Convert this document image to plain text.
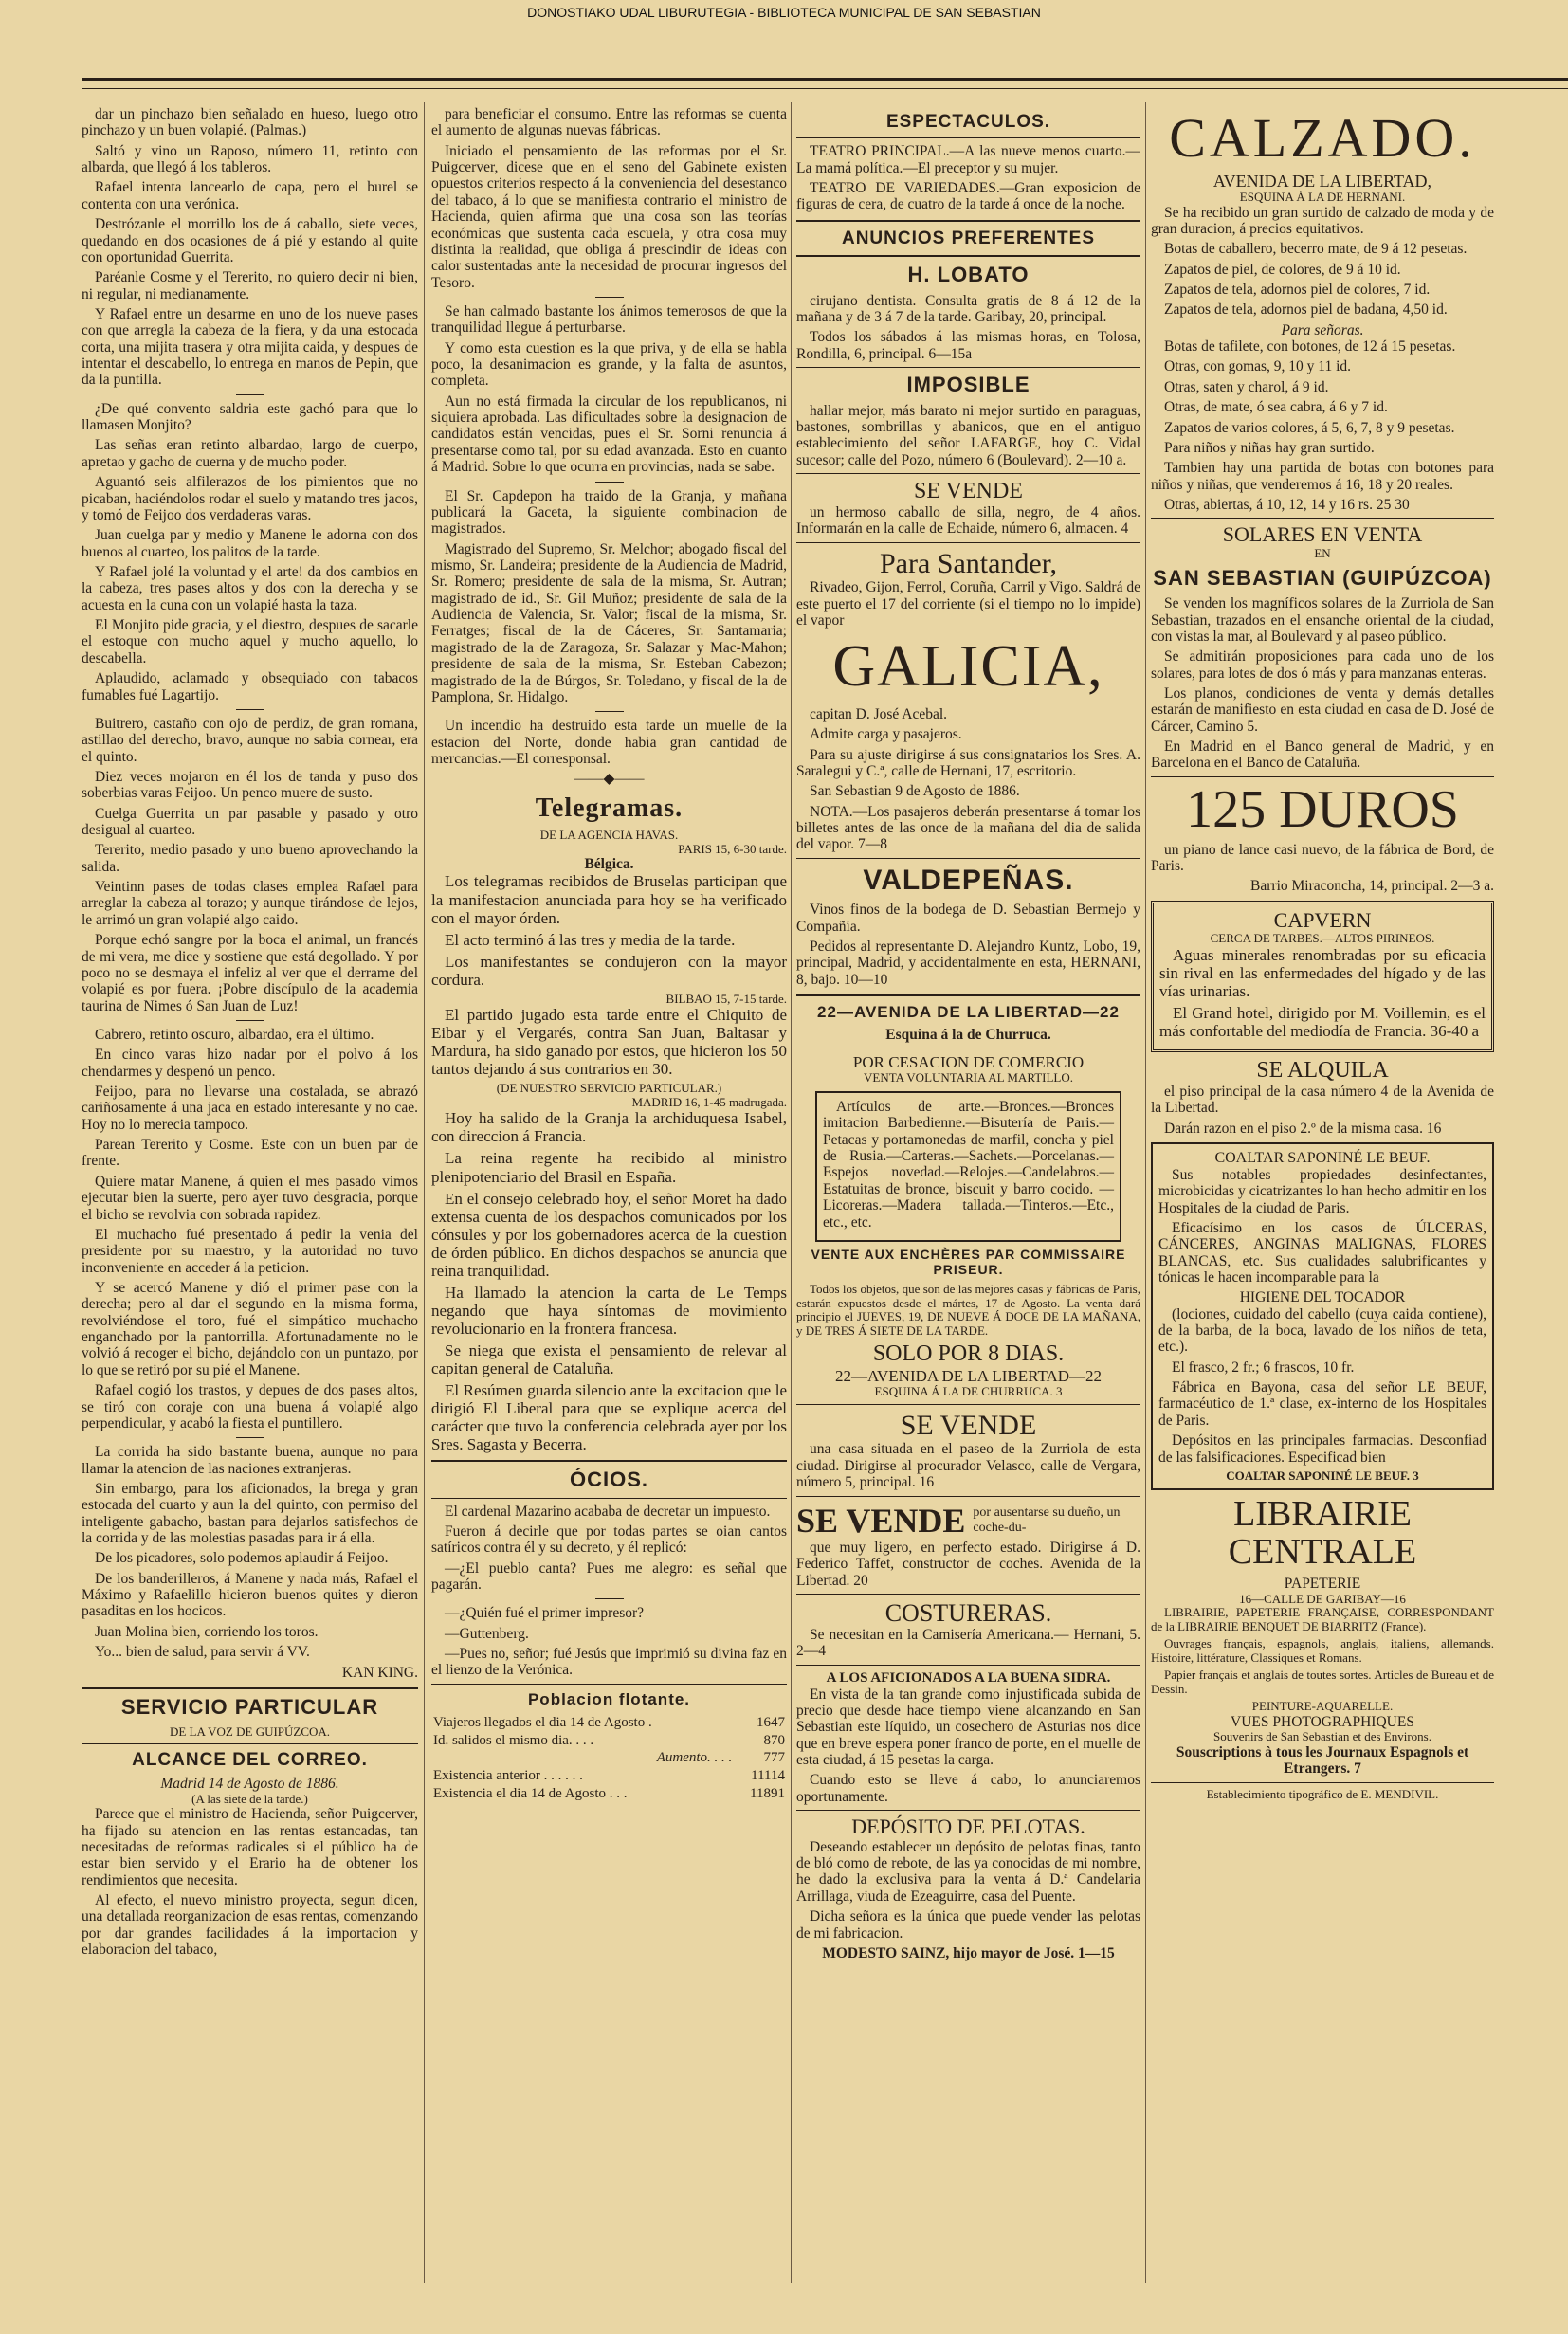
DONOSTIAKO UDAL LIBURUTEGIA - BIBLIOTECA MUNICIPAL DE SAN SEBASTIAN

dar un pinchazo bien señalado en hueso, luego otro pinchazo y un buen volapié. (Palmas.)

Saltó y vino un Raposo, número 11, retinto con albarda, que llegó á los tableros.

Rafael intenta lancearlo de capa, pero el burel se contenta con una verónica.

Destrózanle el morrillo los de á caballo, siete veces, quedando en dos ocasiones de á pié y estando al quite con oportunidad Guerrita.

Paréanle Cosme y el Tererito, no quiero decir ni bien, ni regular, ni medianamente.

Y Rafael entre un desarme en uno de los nueve pases con que arregla la cabeza de la fiera, y da una estocada corta, una mijita trasera y otra mijita caida, y despues de intentar el descabello, lo entrega en manos de Pepin, que da la puntilla.

¿De qué convento saldria este gachó para que lo llamasen Monjito?

Las señas eran retinto albardao, largo de cuerpo, apretao y gacho de cuerna y de mucho poder.

Aguantó seis alfilerazos de los pimientos que no picaban, haciéndolos rodar el suelo y matando tres jacos, y tomó de Feijoo dos verdaderas varas.

Juan cuelga par y medio y Manene le adorna con dos buenos al cuarteo, los palitos de la tarde.

Y Rafael jolé la voluntad y el arte! da dos cambios en la cabeza, tres pases altos y dos con la derecha y se acuesta en la cuna con un volapié hasta la taza.

El Monjito pide gracia, y el diestro, despues de sacarle el estoque con mucho aquel y mucho aquello, lo descabella.

Aplaudido, aclamado y obsequiado con tabacos fumables fué Lagartijo.

Buitrero, castaño con ojo de perdiz, de gran romana, astillao del derecho, bravo, aunque no sabia cornear, era el quinto.

Diez veces mojaron en él los de tanda y puso dos soberbias varas Feijoo. Un penco muere de susto.

Cuelga Guerrita un par pasable y pasado y otro desigual al cuarteo.

Tererito, medio pasado y uno bueno aprovechando la salida.

Veintinn pases de todas clases emplea Rafael para arreglar la cabeza al torazo; y aunque tirándose de lejos, le arrimó un gran volapié algo caido.

Porque echó sangre por la boca el animal, un francés de mi vera, me dice y sostiene que está degollado. Y por poco no se desmaya el infeliz al ver que el derrame del volapié es por fuera. ¡Pobre discípulo de la academia taurina de Nimes ó San Juan de Luz!

Cabrero, retinto oscuro, albardao, era el último.

En cinco varas hizo nadar por el polvo á los chendarmes y despenó un penco.

Feijoo, para no llevarse una costalada, se abrazó cariñosamente á una jaca en estado interesante y no cae. Hoy no lo merecia tampoco.

Parean Tererito y Cosme. Este con un buen par de frente.

Quiere matar Manene, á quien el mes pasado vimos ejecutar bien la suerte, pero ayer tuvo desgracia, porque el bicho se revolvia con sobrada rapidez.

El muchacho fué presentado á pedir la venia del presidente por su maestro, y la autoridad no tuvo inconveniente en acceder á la peticion.

Y se acercó Manene y dió el primer pase con la derecha; pero al dar el segundo en la misma forma, revolviéndose el toro, fué el simpático muchacho enganchado por la pantorrilla. Afortunadamente no le volvió á recoger el bicho, dejándolo con un puntazo, por lo que se retiró por su pié el Manene.

Rafael cogió los trastos, y depues de dos pases altos, se tiró con coraje con una buena á volapié algo perpendicular, y acabó la fiesta el puntillero.

La corrida ha sido bastante buena, aunque no para llamar la atencion de las naciones extranjeras.

Sin embargo, para los aficionados, la brega y gran estocada del cuarto y aun la del quinto, con permiso del inteligente gabacho, bastan para dejarlos satisfechos de la corrida y de las molestias pasadas para ir á ella.

De los picadores, solo podemos aplaudir á Feijoo.

De los banderilleros, á Manene y nada más, Rafael el Máximo y Rafaelillo hicieron buenos quites y dieron pasaditas en los hocicos.

Juan Molina bien, corriendo los toros.

Yo... bien de salud, para servir á VV.

KAN KING.

SERVICIO PARTICULAR
DE LA VOZ DE GUIPÚZCOA.
ALCANCE DEL CORREO.
Madrid 14 de Agosto de 1886.
(A las siete de la tarde.)

Parece que el ministro de Hacienda, señor Puigcerver, ha fijado su atencion en las rentas estancadas, tan necesitadas de reformas radicales si el público ha de estar bien servido y el Erario ha de obtener los rendimientos que necesita.

Al efecto, el nuevo ministro proyecta, segun dicen, una detallada reorganizacion de esas rentas, comenzando por dar grandes facilidades á la importacion y elaboracion del tabaco,

para beneficiar el consumo. Entre las reformas se cuenta el aumento de algunas nuevas fábricas.

Iniciado el pensamiento de las reformas por el Sr. Puigcerver, dicese que en el seno del Gabinete existen opuestos criterios respecto á la conveniencia del desestanco del tabaco, á lo que se manifiesta contrario el ministro de Hacienda, quien afirma que una cosa son las teorías económicas que sustenta cada escuela, y otra cosa muy distinta la realidad, que obliga á prescindir de ideas con calor sustentadas ante la necesidad de procurar ingresos del Tesoro.

Se han calmado bastante los ánimos temerosos de que la tranquilidad llegue á perturbarse.

Y como esta cuestion es la que priva, y de ella se habla poco, la desanimacion es grande, y la falta de asuntos, completa.

Aun no está firmada la circular de los republicanos, ni siquiera aprobada. Las dificultades sobre la designacion de candidatos están vencidas, pues el Sr. Sorni renuncia á presentarse como tal, por su edad avanzada. Esto en cuanto á Madrid. Sobre lo que ocurra en provincias, nada se sabe.

El Sr. Capdepon ha traido de la Granja, y mañana publicará la Gaceta, la siguiente combinacion de magistrados.

Magistrado del Supremo, Sr. Melchor; abogado fiscal del mismo, Sr. Landeira; presidente de la Audiencia de Madrid, Sr. Romero; presidente de sala de la misma, Sr. Autran; magistrado de id., Sr. Gil Muñoz; presidente de sala de la Audiencia de Valencia, Sr. Valor; fiscal de la misma, Sr. Ferratges; fiscal de la de Cáceres, Sr. Santamaria; magistrado de la de Zaragoza, Sr. Salazar y Mac-Mahon; presidente de sala de la misma, Sr. Esteban Cabezon; magistrado de la de Búrgos, Sr. Toledano, y fiscal de la de Pamplona, Sr. Hidalgo.

Un incendio ha destruido esta tarde un muelle de la estacion del Norte, donde habia gran cantidad de mercancias.—El corresponsal.

——◆——
Telegramas.
DE LA AGENCIA HAVAS.
PARIS 15, 6-30 tarde.
Bélgica.

Los telegramas recibidos de Bruselas participan que la manifestacion anunciada para hoy se ha verificado con el mayor órden.

El acto terminó á las tres y media de la tarde.

Los manifestantes se condujeron con la mayor cordura.

BILBAO 15, 7-15 tarde.

El partido jugado esta tarde entre el Chiquito de Eibar y el Vergarés, contra San Juan, Baltasar y Mardura, ha sido ganado por estos, que hicieron los 50 tantos dejando á sus contrarios en 30.

(DE NUESTRO SERVICIO PARTICULAR.)
MADRID 16, 1-45 madrugada.

Hoy ha salido de la Granja la archiduquesa Isabel, con direccion á Francia.

La reina regente ha recibido al ministro plenipotenciario del Brasil en España.

En el consejo celebrado hoy, el señor Moret ha dado extensa cuenta de los despachos comunicados por los cónsules y por los gobernadores acerca de la cuestion de órden público. En dichos despachos se anuncia que reina tranquilidad.

Ha llamado la atencion la carta de Le Temps negando que haya síntomas de movimiento revolucionario en la frontera francesa.

Se niega que exista el pensamiento de relevar al capitan general de Cataluña.

El Resúmen guarda silencio ante la excitacion que le dirigió El Liberal para que se explique acerca del carácter que tuvo la conferencia celebrada ayer por los Sres. Sagasta y Becerra.

ÓCIOS.

El cardenal Mazarino acababa de decretar un impuesto.

Fueron á decirle que por todas partes se oian cantos satíricos contra él y su decreto, y él replicó:

—¿El pueblo canta? Pues me alegro: es señal que pagarán.

—¿Quién fué el primer impresor?

—Guttenberg.

—Pues no, señor; fué Jesús que imprimió su divina faz en el lienzo de la Verónica.

Poblacion flotante.
Viajeros llegados el dia 14 de Agosto .	1647
Id. salidos el mismo dia. . . .	870
Aumento. . . .	777
Existencia anterior . . . . . .	11114
Existencia el dia 14 de Agosto . . .	11891
ESPECTACULOS.

TEATRO PRINCIPAL.—A las nueve menos cuarto.—La mamá política.—El preceptor y su mujer.

TEATRO DE VARIEDADES.—Gran exposicion de figuras de cera, de cuatro de la tarde á once de la noche.

ANUNCIOS PREFERENTES
H. LOBATO

cirujano dentista. Consulta gratis de 8 á 12 de la mañana y de 3 á 7 de la tarde. Garibay, 20, principal.

Todos los sábados á las mismas horas, en Tolosa, Rondilla, 6, principal. 6—15a

IMPOSIBLE

hallar mejor, más barato ni mejor surtido en paraguas, bastones, sombrillas y abanicos, que en el antiguo establecimiento del señor LAFARGE, hoy C. Vidal sucesor; calle del Pozo, número 6 (Boulevard). 2—10 a.

SE VENDE

un hermoso caballo de silla, negro, de 4 años. Informarán en la calle de Echaide, número 6, almacen. 4

Para Santander,

Rivadeo, Gijon, Ferrol, Coruña, Carril y Vigo. Saldrá de este puerto el 17 del corriente (si el tiempo no lo impide) el vapor

GALICIA,

capitan D. José Acebal.

Admite carga y pasajeros.

Para su ajuste dirigirse á sus consignatarios los Sres. A. Saralegui y C.ª, calle de Hernani, 17, escritorio.

San Sebastian 9 de Agosto de 1886.

NOTA.—Los pasajeros deberán presentarse á tomar los billetes antes de las once de la mañana del dia de salida del vapor. 7—8

VALDEPEÑAS.

Vinos finos de la bodega de D. Sebastian Bermejo y Compañía.

Pedidos al representante D. Alejandro Kuntz, Lobo, 19, principal, Madrid, y accidentalmente en esta, HERNANI, 8, bajo. 10—10

22—AVENIDA DE LA LIBERTAD—22
Esquina á la de Churruca.
POR CESACION DE COMERCIO
VENTA VOLUNTARIA AL MARTILLO.

Artículos de arte.—Bronces.—Bronces imitacion Barbedienne.—Bisutería de Paris.—Petacas y portamonedas de marfil, concha y piel de Rusia.—Carteras.—Sachets.—Porcelanas.— Espejos novedad.—Relojes.—Candelabros.—Estatuitas de bronce, biscuit y barro cocido. — Licoreras.—Madera tallada.—Tinteros.—Etc., etc., etc.

VENTE AUX ENCHÈRES PAR COMMISSAIRE PRISEUR.

Todos los objetos, que son de las mejores casas y fábricas de Paris, estarán expuestos desde el mártes, 17 de Agosto. La venta dará principio el JUEVES, 19, DE NUEVE Á DOCE DE LA MAÑANA, y DE TRES Á SIETE DE LA TARDE.

SOLO POR 8 DIAS.
22—AVENIDA DE LA LIBERTAD—22
ESQUINA Á LA DE CHURRUCA. 3
SE VENDE

una casa situada en el paseo de la Zurriola de esta ciudad. Dirigirse al procurador Velasco, calle de Vergara, número 5, principal. 16

SE VENDE por ausentarse su dueño, un coche-du-

que muy ligero, en perfecto estado. Dirigirse á D. Federico Taffet, constructor de coches. Avenida de la Libertad. 20

COSTURERAS.

Se necesitan en la Camisería Americana.— Hernani, 5. 2—4

A LOS AFICIONADOS A LA BUENA SIDRA.

En vista de la tan grande como injustificada subida de precio que desde hace tiempo viene alcanzando en San Sebastian este líquido, un cosechero de Asturias nos dice que en breve espera poner franco de porte, en el muelle de esta ciudad, á 15 pesetas la carga.

Cuando esto se lleve á cabo, lo anunciaremos oportunamente.

DEPÓSITO DE PELOTAS.

Deseando establecer un depósito de pelotas finas, tanto de bló como de rebote, de las ya conocidas de mi nombre, he dado la exclusiva para la venta á D.ª Candelaria Arrillaga, viuda de Ezeaguirre, casa del Puente.

Dicha señora es la única que puede vender las pelotas de mi fabricacion.

MODESTO SAINZ, hijo mayor de José. 1—15
CALZADO.
AVENIDA DE LA LIBERTAD,
ESQUINA Á LA DE HERNANI.

Se ha recibido un gran surtido de calzado de moda y de gran duracion, á precios equitativos.

Botas de caballero, becerro mate, de 9 á 12 pesetas.

Zapatos de piel, de colores, de 9 á 10 id.

Zapatos de tela, adornos piel de colores, 7 id.

Zapatos de tela, adornos piel de badana, 4,50 id.

Para señoras.

Botas de tafilete, con botones, de 12 á 15 pesetas.

Otras, con gomas, 9, 10 y 11 id.

Otras, saten y charol, á 9 id.

Otras, de mate, ó sea cabra, á 6 y 7 id.

Zapatos de varios colores, á 5, 6, 7, 8 y 9 pesetas.

Para niños y niñas hay gran surtido.

Tambien hay una partida de botas con botones para niños y niñas, que venderemos á 16, 18 y 20 reales.

Otras, abiertas, á 10, 12, 14 y 16 rs. 25 30

SOLARES EN VENTA
EN
SAN SEBASTIAN (GUIPÚZCOA)

Se venden los magníficos solares de la Zurriola de San Sebastian, trazados en el ensanche oriental de la ciudad, con vistas la mar, al Boulevard y al paseo público.

Se admitirán proposiciones para cada uno de los solares, para lotes de dos ó más y para manzanas enteras.

Los planos, condiciones de venta y demás detalles estarán de manifiesto en esta ciudad en casa de D. José de Cárcer, Camino 5.

En Madrid en el Banco general de Madrid, y en Barcelona en el Banco de Cataluña.

125 DUROS

un piano de lance casi nuevo, de la fábrica de Bord, de Paris.

Barrio Miraconcha, 14, principal. 2—3 a.

CAPVERN
CERCA DE TARBES.—ALTOS PIRINEOS.

Aguas minerales renombradas por su eficacia sin rival en las enfermedades del hígado y de las vías urinarias.

El Grand hotel, dirigido por M. Voillemin, es el más confortable del mediodía de Francia. 36-40 a

SE ALQUILA

el piso principal de la casa número 4 de la Avenida de la Libertad.

Darán razon en el piso 2.º de la misma casa. 16

COALTAR SAPONINÉ LE BEUF.

Sus notables propiedades desinfectantes, microbicidas y cicatrizantes lo han hecho admitir en los Hospitales de la ciudad de Paris.

Eficacísimo en los casos de ÚLCERAS, CÁNCERES, ANGINAS MALIGNAS, FLORES BLANCAS, etc. Sus cualidades salubrificantes y tónicas le hacen incomparable para la

HIGIENE DEL TOCADOR

(lociones, cuidado del cabello (cuya caida contiene), de la barba, de la boca, lavado de los niños de teta, etc.).

El frasco, 2 fr.; 6 frascos, 10 fr.

Fábrica en Bayona, casa del señor LE BEUF, farmacéutico de 1.ª clase, ex-interno de los Hospitales de Paris.

Depósitos en las principales farmacias. Desconfiad de las falsificaciones. Especificad bien

COALTAR SAPONINÉ LE BEUF. 3
LIBRAIRIE CENTRALE
PAPETERIE
16—CALLE DE GARIBAY—16

LIBRAIRIE, PAPETERIE FRANÇAISE, CORRESPONDANT de la LIBRAIRIE BENQUET DE BIARRITZ (France).

Ouvrages français, espagnols, anglais, italiens, allemands. Histoire, littérature, Classiques et Romans.

Papier français et anglais de toutes sortes. Articles de Bureau et de Dessin.

PEINTURE-AQUARELLE.
VUES PHOTOGRAPHIQUES
Souvenirs de San Sebastian et des Environs.
Souscriptions à tous les Journaux Espagnols et Etrangers. 7
Establecimiento tipográfico de E. MENDIVIL.
